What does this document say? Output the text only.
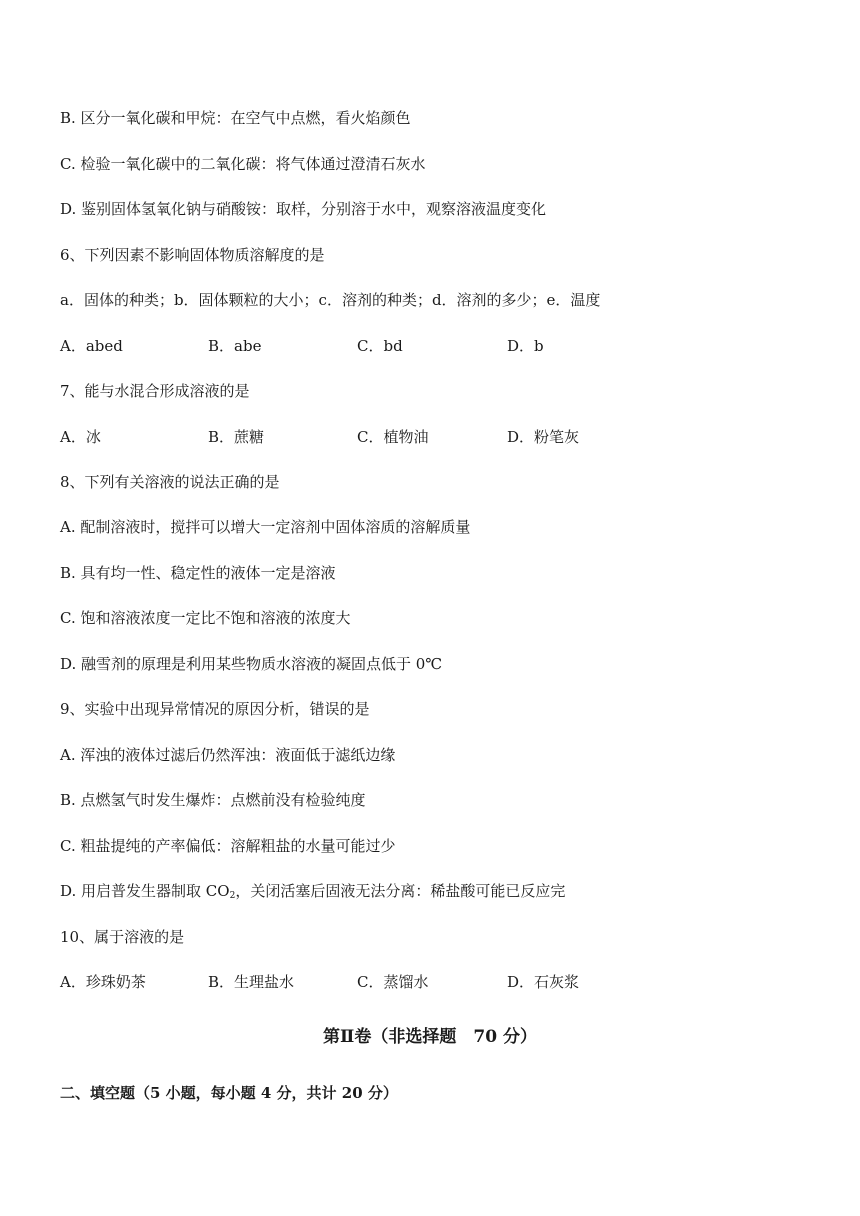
B. 区分一氧化碳和甲烷：在空气中点燃，看火焰颜色
C. 检验一氧化碳中的二氧化碳：将气体通过澄清石灰水
D. 鉴别固体氢氧化钠与硝酸铵：取样，分别溶于水中，观察溶液温度变化
6、下列因素不影响固体物质溶解度的是
a．固体的种类；b．固体颗粒的大小；c．溶剂的种类；d．溶剂的多少；e．温度
A．abed	B．abe	C．bd	D．b
7、能与水混合形成溶液的是
A．冰	B．蔗糖	C．植物油	D．粉笔灰
8、下列有关溶液的说法正确的是
A. 配制溶液时，搅拌可以增大一定溶剂中固体溶质的溶解质量
B. 具有均一性、稳定性的液体一定是溶液
C. 饱和溶液浓度一定比不饱和溶液的浓度大
D. 融雪剂的原理是利用某些物质水溶液的凝固点低于 0℃
9、实验中出现异常情况的原因分析，错误的是
A. 浑浊的液体过滤后仍然浑浊：液面低于滤纸边缘
B. 点燃氢气时发生爆炸：点燃前没有检验纯度
C. 粗盐提纯的产率偏低：溶解粗盐的水量可能过少
D. 用启普发生器制取 $CO_2$，关闭活塞后固液无法分离：稀盐酸可能已反应完
10、属于溶液的是
A．珍珠奶茶	B．生理盐水	C．蒸馏水	D．石灰浆
第Ⅱ卷（非选择题　70 分）
二、填空题（5 小题，每小题 4 分，共计 20 分）
